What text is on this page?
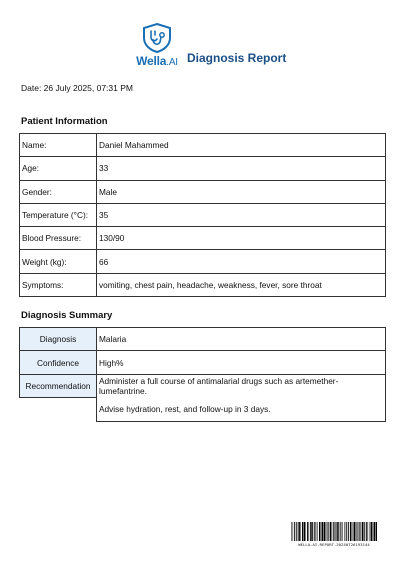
Wella.AI Diagnosis Report
Date: 26 July 2025, 07:31 PM
Patient Information
Name:	Daniel Mahammed
Age:	33
Gender:	Male
Temperature (°C):	35
Blood Pressure:	130/90
Weight (kg):	66
Symptoms:	vomiting, chest pain, headache, weakness, fever, sore throat
Diagnosis Summary
Diagnosis	Malaria
Confidence	High%
Recommendation	Administer a full course of antimalarial drugs such as artemether-lumefantrine.
	Advise hydration, rest, and follow-up in 3 days.
WELLA-AI-REPORT-20250726193144
